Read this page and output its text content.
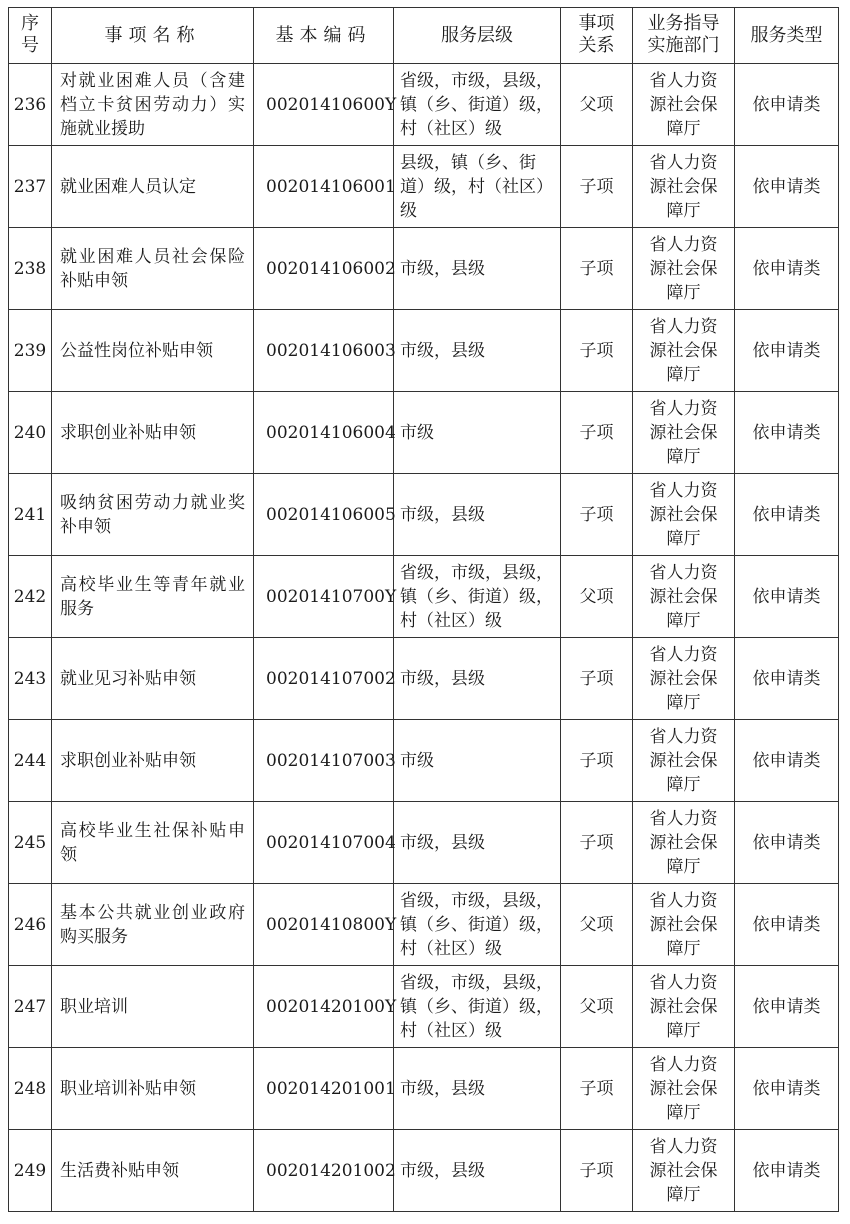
序号	事项名称	基本编码	服务层级	事项关系	业务指导实施部门	服务类型
236	对就业困难人员（含建档立卡贫困劳动力）实施就业援助	00201410600Y	省级，市级，县级，镇（乡、街道）级，村（社区）级	父项	省人力资源社会保障厅	依申请类
237	就业困难人员认定	002014106001	县级，镇（乡、街道）级，村（社区）级	子项	省人力资源社会保障厅	依申请类
238	就业困难人员社会保险补贴申领	002014106002	市级，县级	子项	省人力资源社会保障厅	依申请类
239	公益性岗位补贴申领	002014106003	市级，县级	子项	省人力资源社会保障厅	依申请类
240	求职创业补贴申领	002014106004	市级	子项	省人力资源社会保障厅	依申请类
241	吸纳贫困劳动力就业奖补申领	002014106005	市级，县级	子项	省人力资源社会保障厅	依申请类
242	高校毕业生等青年就业服务	00201410700Y	省级，市级，县级，镇（乡、街道）级，村（社区）级	父项	省人力资源社会保障厅	依申请类
243	就业见习补贴申领	002014107002	市级，县级	子项	省人力资源社会保障厅	依申请类
244	求职创业补贴申领	002014107003	市级	子项	省人力资源社会保障厅	依申请类
245	高校毕业生社保补贴申领	002014107004	市级，县级	子项	省人力资源社会保障厅	依申请类
246	基本公共就业创业政府购买服务	00201410800Y	省级，市级，县级，镇（乡、街道）级，村（社区）级	父项	省人力资源社会保障厅	依申请类
247	职业培训	00201420100Y	省级，市级，县级，镇（乡、街道）级，村（社区）级	父项	省人力资源社会保障厅	依申请类
248	职业培训补贴申领	002014201001	市级，县级	子项	省人力资源社会保障厅	依申请类
249	生活费补贴申领	002014201002	市级，县级	子项	省人力资源社会保障厅	依申请类
